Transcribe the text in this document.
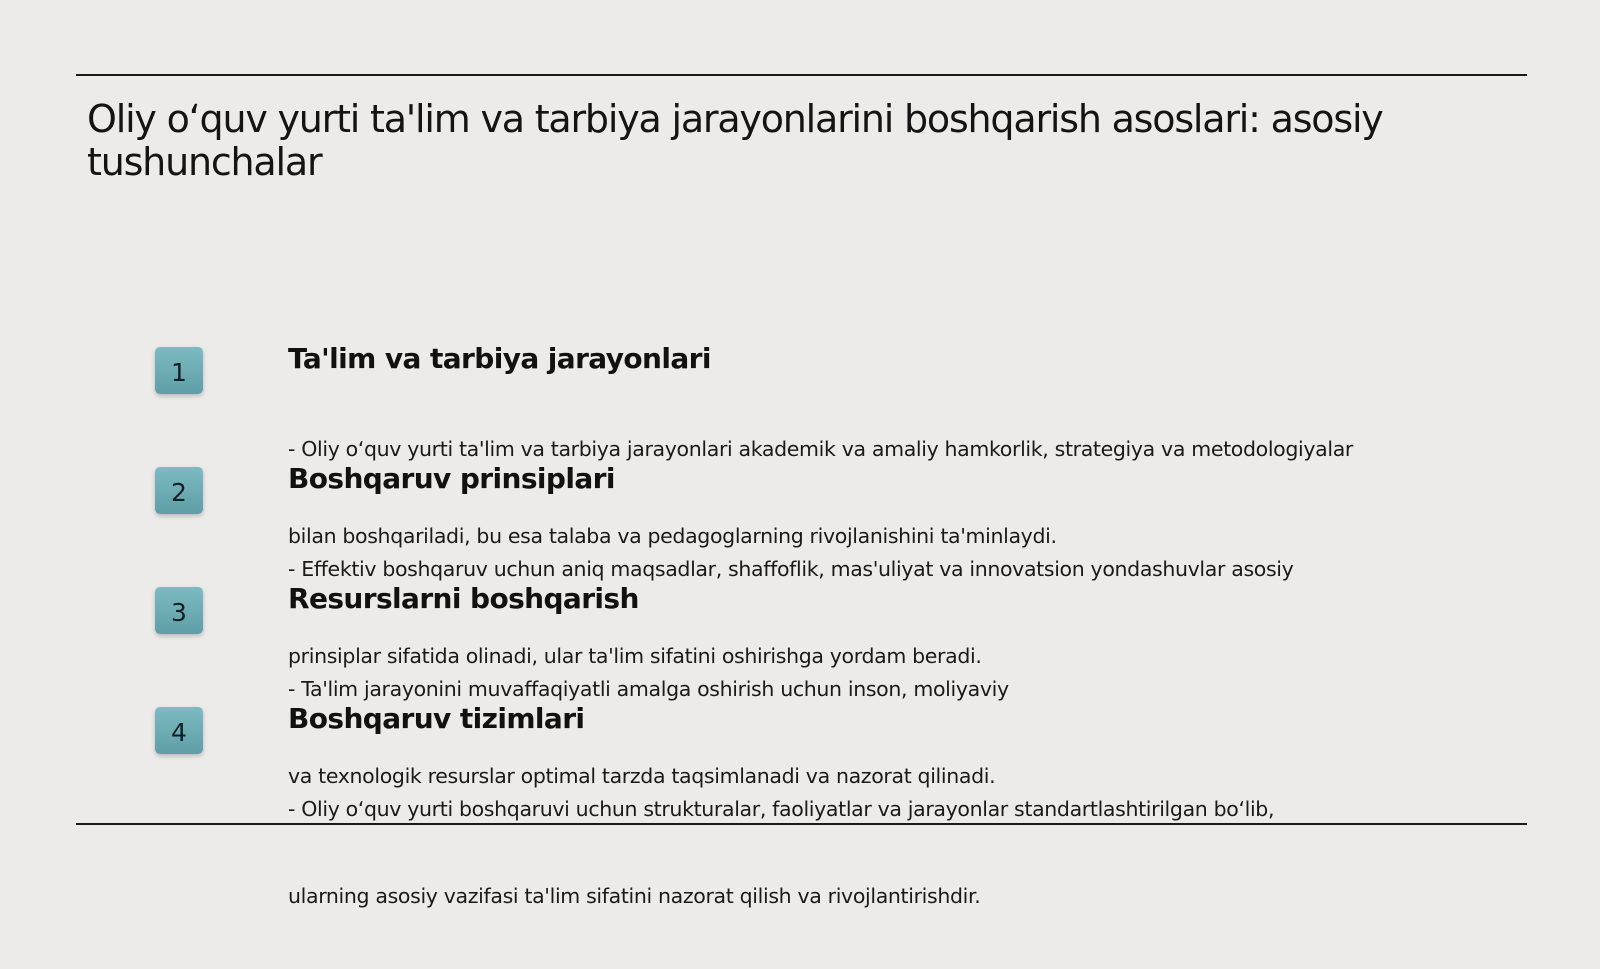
Oliy oʻquv yurti ta'lim va tarbiya jarayonlarini boshqarish asoslari: asosiy tushunchalar
1	Ta'lim va tarbiya jarayonlari

- Oliy oʻquv yurti ta'lim va tarbiya jarayonlari akademik va amaliy hamkorlik, strategiya va metodologiyalar

bilan boshqariladi, bu esa talaba va pedagoglarning rivojlanishini ta'minlaydi.

2	Boshqaruv prinsiplari

- Effektiv boshqaruv uchun aniq maqsadlar, shaffoflik, mas'uliyat va innovatsion yondashuvlar asosiy

prinsiplar sifatida olinadi, ular ta'lim sifatini oshirishga yordam beradi.

3	Resurslarni boshqarish

- Ta'lim jarayonini muvaffaqiyatli amalga oshirish uchun inson, moliyaviy

va texnologik resurslar optimal tarzda taqsimlanadi va nazorat qilinadi.

4	Boshqaruv tizimlari

- Oliy oʻquv yurti boshqaruvi uchun strukturalar, faoliyatlar va jarayonlar standartlashtirilgan boʻlib,

ularning asosiy vazifasi ta'lim sifatini nazorat qilish va rivojlantirishdir.
